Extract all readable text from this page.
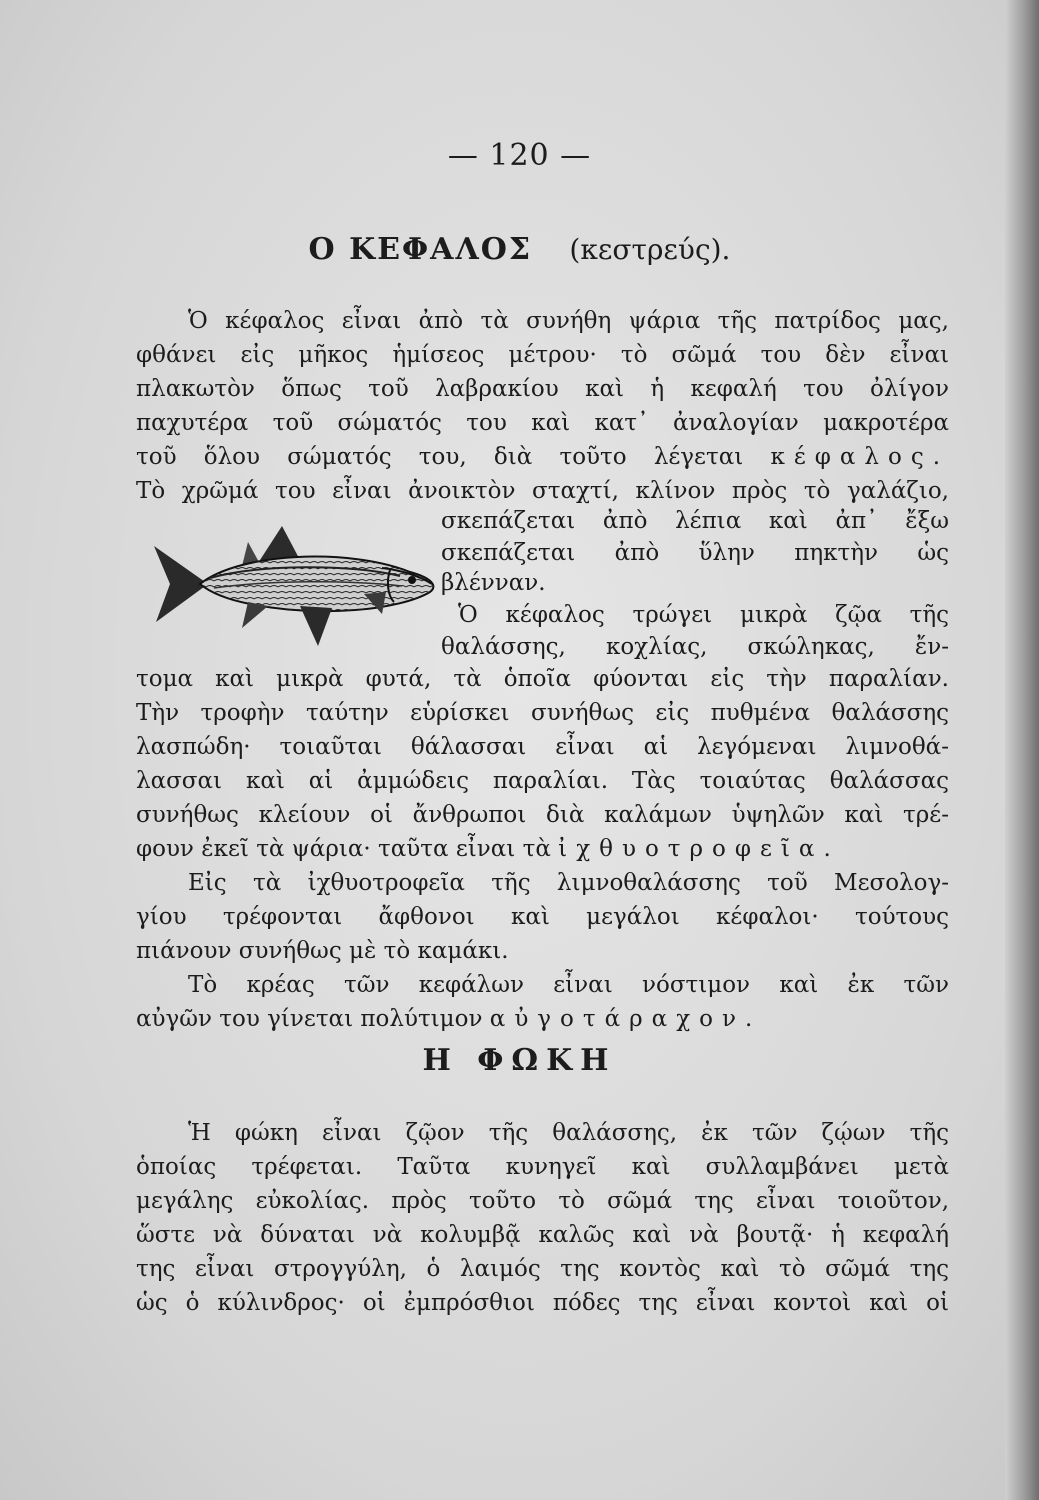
— 120 —
Ο ΚΕΦΑΛΟΣ (κεστρεύς).
Ὁ κέφαλος εἶναι ἀπὸ τὰ συνήθη ψάρια τῆς πατρίδος μας,
φθάνει εἰς μῆκος ἡμίσεος μέτρου· τὸ σῶμά του δὲν εἶναι
πλακωτὸν ὅπως τοῦ λαβρακίου καὶ ἡ κεφαλή του ὀλίγον
παχυτέρα τοῦ σώματός του καὶ κατ᾽ ἀναλογίαν μακροτέρα
τοῦ ὅλου σώματός του, διὰ τοῦτο λέγεται κέφαλος.
Τὸ χρῶμά του εἶναι ἀνοικτὸν σταχτί, κλίνον πρὸς τὸ γαλάζιο,
σκεπάζεται ἀπὸ λέπια καὶ ἀπ᾽ ἔξω
σκεπάζεται ἀπὸ ὕλην πηκτὴν ὡς
βλένναν.
Ὁ κέφαλος τρώγει μικρὰ ζῷα τῆς
θαλάσσης, κοχλίας, σκώληκας, ἔν-
τομα καὶ μικρὰ φυτά, τὰ ὁποῖα φύονται εἰς τὴν παραλίαν.
Τὴν τροφὴν ταύτην εὑρίσκει συνήθως εἰς πυθμένα θαλάσσης
λασπώδη· τοιαῦται θάλασσαι εἶναι αἱ λεγόμεναι λιμνοθά-
λασσαι καὶ αἱ ἀμμώδεις παραλίαι. Τὰς τοιαύτας θαλάσσας
συνήθως κλείουν οἱ ἄνθρωποι διὰ καλάμων ὑψηλῶν καὶ τρέ-
φουν ἐκεῖ τὰ ψάρια· ταῦτα εἶναι τὰ ἰχθυοτροφεῖα.
Εἰς τὰ ἰχθυοτροφεῖα τῆς λιμνοθαλάσσης τοῦ Μεσολογ-
γίου τρέφονται ἄφθονοι καὶ μεγάλοι κέφαλοι· τούτους
πιάνουν συνήθως μὲ τὸ καμάκι.
Τὸ κρέας τῶν κεφάλων εἶναι νόστιμον καὶ ἐκ τῶν
αὐγῶν του γίνεται πολύτιμον αὐγοτάραχον.
Η ΦΩΚΗ
Ἡ φώκη εἶναι ζῷον τῆς θαλάσσης, ἐκ τῶν ζῴων τῆς
ὁποίας τρέφεται. Ταῦτα κυνηγεῖ καὶ συλλαμβάνει μετὰ
μεγάλης εὐκολίας. πρὸς τοῦτο τὸ σῶμά της εἶναι τοιοῦτον,
ὥστε νὰ δύναται νὰ κολυμβᾷ καλῶς καὶ νὰ βουτᾷ· ἡ κεφαλή
της εἶναι στρογγύλη, ὁ λαιμός της κοντὸς καὶ τὸ σῶμά της
ὡς ὁ κύλινδρος· οἱ ἐμπρόσθιοι πόδες της εἶναι κοντοὶ καὶ οἱ
